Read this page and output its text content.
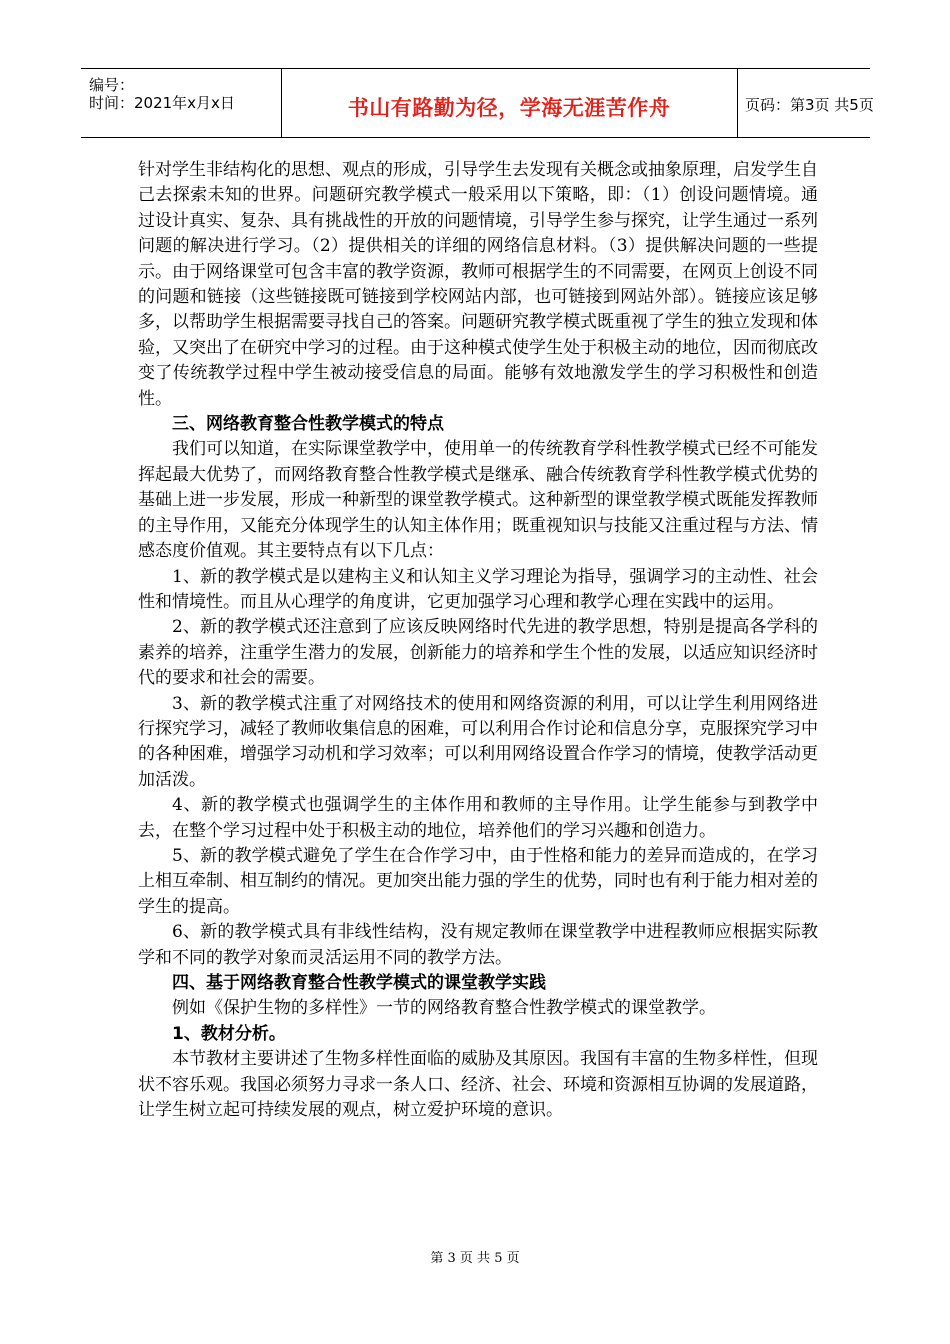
编号：
时间：2021年x月x日	书山有路勤为径，学海无涯苦作舟	页码：第3页 共5页

针对学生非结构化的思想、观点的形成，引导学生去发现有关概念或抽象原理，启发学生自己去探索未知的世界。问题研究教学模式一般采用以下策略，即：（1）创设问题情境。通过设计真实、复杂、具有挑战性的开放的问题情境，引导学生参与探究，让学生通过一系列问题的解决进行学习。（2）提供相关的详细的网络信息材料。（3）提供解决问题的一些提示。由于网络课堂可包含丰富的教学资源，教师可根据学生的不同需要，在网页上创设不同的问题和链接（这些链接既可链接到学校网站内部，也可链接到网站外部）。链接应该足够多，以帮助学生根据需要寻找自己的答案。问题研究教学模式既重视了学生的独立发现和体验，又突出了在研究中学习的过程。由于这种模式使学生处于积极主动的地位，因而彻底改变了传统教学过程中学生被动接受信息的局面。能够有效地激发学生的学习积极性和创造性。

三、网络教育整合性教学模式的特点

我们可以知道，在实际课堂教学中，使用单一的传统教育学科性教学模式已经不可能发挥起最大优势了，而网络教育整合性教学模式是继承、融合传统教育学科性教学模式优势的基础上进一步发展，形成一种新型的课堂教学模式。这种新型的课堂教学模式既能发挥教师的主导作用，又能充分体现学生的认知主体作用；既重视知识与技能又注重过程与方法、情感态度价值观。其主要特点有以下几点：

1、新的教学模式是以建构主义和认知主义学习理论为指导，强调学习的主动性、社会性和情境性。而且从心理学的角度讲，它更加强学习心理和教学心理在实践中的运用。

2、新的教学模式还注意到了应该反映网络时代先进的教学思想，特别是提高各学科的素养的培养，注重学生潜力的发展，创新能力的培养和学生个性的发展，以适应知识经济时代的要求和社会的需要。

3、新的教学模式注重了对网络技术的使用和网络资源的利用，可以让学生利用网络进行探究学习，减轻了教师收集信息的困难，可以利用合作讨论和信息分享，克服探究学习中的各种困难，增强学习动机和学习效率；可以利用网络设置合作学习的情境，使教学活动更加活泼。

4、新的教学模式也强调学生的主体作用和教师的主导作用。让学生能参与到教学中去，在整个学习过程中处于积极主动的地位，培养他们的学习兴趣和创造力。

5、新的教学模式避免了学生在合作学习中，由于性格和能力的差异而造成的，在学习上相互牵制、相互制约的情况。更加突出能力强的学生的优势，同时也有利于能力相对差的学生的提高。

6、新的教学模式具有非线性结构，没有规定教师在课堂教学中进程教师应根据实际教学和不同的教学对象而灵活运用不同的教学方法。

四、基于网络教育整合性教学模式的课堂教学实践

例如《保护生物的多样性》一节的网络教育整合性教学模式的课堂教学。

1、教材分析。

本节教材主要讲述了生物多样性面临的威胁及其原因。我国有丰富的生物多样性，但现状不容乐观。我国必须努力寻求一条人口、经济、社会、环境和资源相互协调的发展道路，让学生树立起可持续发展的观点，树立爱护环境的意识。

第 3 页 共 5 页
